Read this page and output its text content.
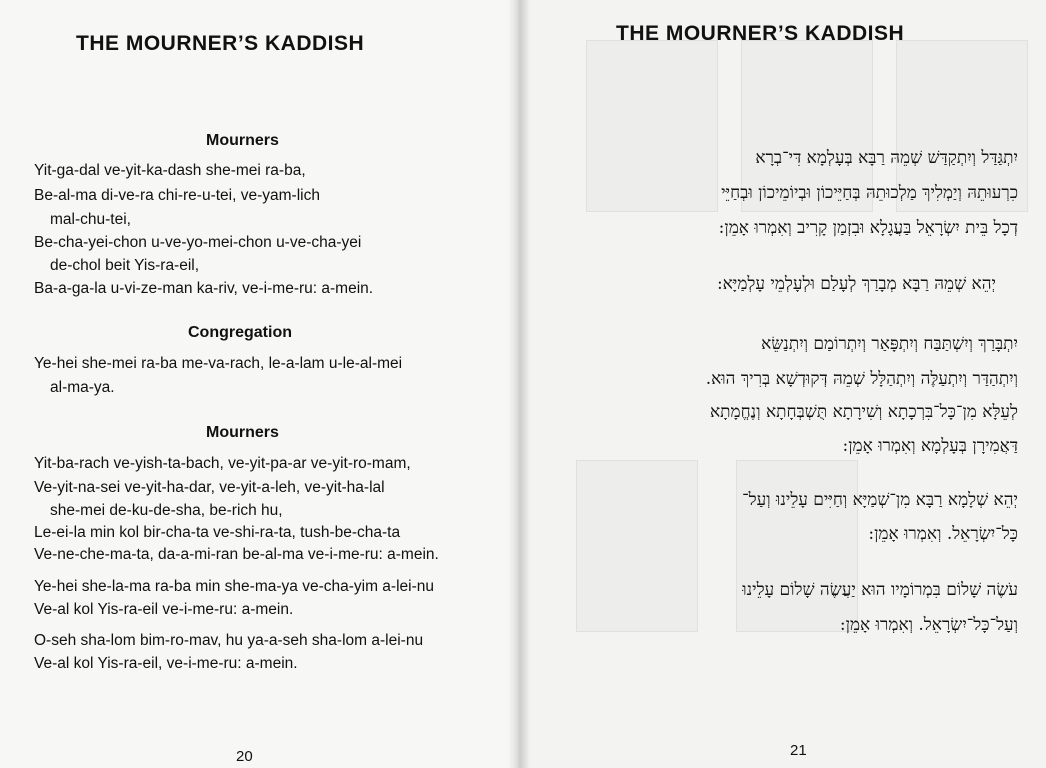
THE MOURNER’S KADDISH
Mourners
Yit-ga-dal ve-yit-ka-dash she-mei ra-ba,
Be-al-ma di-ve-ra chi-re-u-tei, ve-yam-lich
mal-chu-tei,
Be-cha-yei-chon u-ve-yo-mei-chon u-ve-cha-yei
de-chol beit Yis-ra-eil,
Ba-a-ga-la u-vi-ze-man ka-riv, ve-i-me-ru: a-mein.
Congregation
Ye-hei she-mei ra-ba me-va-rach, le-a-lam u-le-al-mei
al-ma-ya.
Mourners
Yit-ba-rach ve-yish-ta-bach, ve-yit-pa-ar ve-yit-ro-mam,
Ve-yit-na-sei ve-yit-ha-dar, ve-yit-a-leh, ve-yit-ha-lal
she-mei de-ku-de-sha, be-rich hu,
Le-ei-la min kol bir-cha-ta ve-shi-ra-ta, tush-be-cha-ta
Ve-ne-che-ma-ta, da-a-mi-ran be-al-ma ve-i-me-ru: a-mein.
Ye-hei she-la-ma ra-ba min she-ma-ya ve-cha-yim a-lei-nu
Ve-al kol Yis-ra-eil ve-i-me-ru: a-mein.
O-seh sha-lom bim-ro-mav, hu ya-a-seh sha-lom a-lei-nu
Ve-al kol Yis-ra-eil, ve-i-me-ru: a-mein.
20
THE MOURNER’S KADDISH
יִתְגַּדַּל וְיִתְקַדַּשׁ שְׁמֵהּ רַבָּא בְּעָלְמָא דִּי־בְרָא
כִרְעוּתֵהּ וְיַמְלִיךְ מַלְכוּתֵהּ בְּחַיֵּיכוֹן וּבְיוֹמֵיכוֹן וּבְחַיֵּי
דְכָל בֵּית יִשְׂרָאֵל בַּעֲגָלָא וּבִזְמַן קָרִיב וְאִמְרוּ אָמֵן:
יְהֵא שְׁמֵהּ רַבָּא מְבָרַךְ לְעָלַם וּלְעָלְמֵי עָלְמַיָּא:
יִתְבָּרַךְ וְיִשְׁתַּבַּח וְיִתְפָּאַר וְיִתְרוֹמַם וְיִתְנַשֵּׂא
וְיִתְהַדַּר וְיִתְעַלֶּה וְיִתְהַלָּל שְׁמֵהּ דְּקוּדְשָׁא בְּרִיךְ הוּא.
לְעֵלָּא מִן־כָּל־בִּרְכָתָא וְשִׁירָתָא תֻּשְׁבְּחָתָא וְנֶחֱמָתָא
דַּאֲמִירָן בְּעָלְמָא וְאִמְרוּ אָמֵן:
יְהֵא שְׁלָמָא רַבָּא מִן־שְׁמַיָּא וְחַיִּים עָלֵינוּ וְעַל־
כָּל־יִשְׂרָאֵל. וְאִמְרוּ אָמֵן:
עֹשֶׂה שָׁלוֹם בִּמְרוֹמָיו הוּא יַעֲשֶׂה שָׁלוֹם עָלֵינוּ
וְעַל־כָּל־יִשְׂרָאֵל. וְאִמְרוּ אָמֵן:
21
